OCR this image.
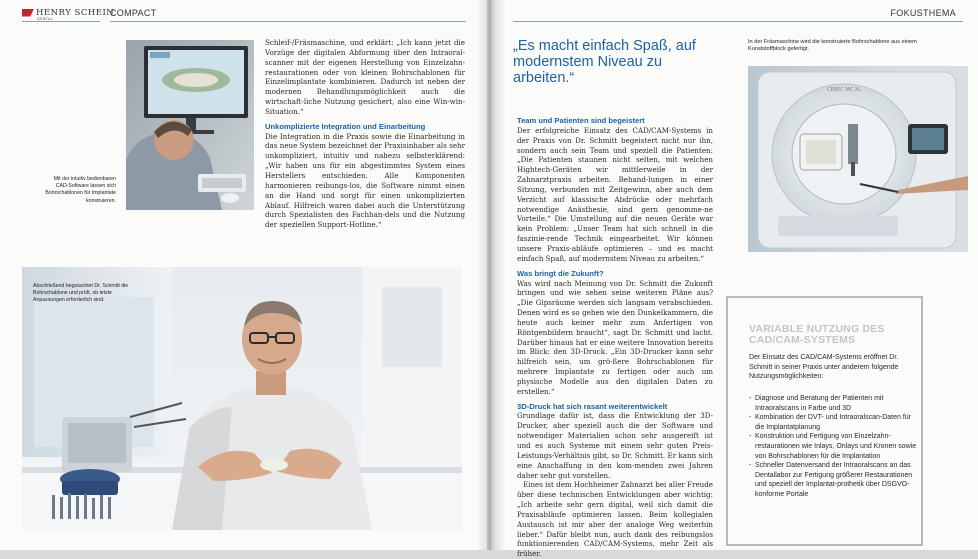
HENRY SCHEIN
DENTAL
COMPACT
Mit der intuitiv bedienbaren CAD-Software lassen sich Bohrschablonen für Implantate konstruieren.

Schleif-/Fräsmaschine, und erklärt: „Ich kann jetzt die Vorzüge der digitalen Abformung über den Intraoral-scanner mit der eigenen Herstellung von Einzelzahn-restaurationen oder von kleinen Bohrschablonen für Einzelimplantate kombinieren. Dadurch ist neben der modernen Behandlungsmöglichkeit auch die wirtschaft-liche Nutzung gesichert, also eine Win-win-Situation.“

Unkomplizierte Integration und Einarbeitung

Die Integration in die Praxis sowie die Einarbeitung in das neue System bezeichnet der Praxisinhaber als sehr unkompliziert, intuitiv und nahezu selbsterklärend: „Wir haben uns für ein abgestimmtes System eines Herstellers entschieden. Alle Komponenten harmonieren reibungs-los, die Software nimmt einen an die Hand und sorgt für einen unkomplizierten Ablauf. Hilfreich waren dabei auch die Unterstützung durch Spezialisten des Fachhan-dels und die Nutzung der speziellen Support-Hotline.“

Abschließend begutachtet Dr. Schmitt die Bohrschablone und prüft, ob letzte Anpassungen erforderlich sind.
FOKUSTHEMA
„Es macht einfach Spaß, auf modernstem Niveau zu arbeiten.“
In der Fräsmaschine wird die konstruierte Bohrschablone aus einem Kunststoffblock gefertigt.
CEREC MC XL

Team und Patienten sind begeistert

Der erfolgreiche Einsatz des CAD/CAM-Systems in der Praxis von Dr. Schmitt begeistert nicht nur ihn, sondern auch sein Team und speziell die Patienten: „Die Patienten staunen nicht selten, mit welchen Hightech-Geräten wir mittlerweile in der Zahnarztpraxis arbeiten. Behand-lungen in einer Sitzung, verbunden mit Zeitgewinn, aber auch dem Verzicht auf klassische Abdrücke oder mehrfach notwendige Anästhesie, sind gern genomme-ne Vorteile.“ Die Umstellung auf die neuen Geräte war kein Problem: „Unser Team hat sich schnell in die faszinie-rende Technik eingearbeitet. Wir können unsere Praxis-abläufe optimieren – und es macht einfach Spaß, auf modernstem Niveau zu arbeiten.“

Was bringt die Zukunft?

Was wird nach Meinung von Dr. Schmitt die Zukunft bringen und wie sehen seine weiteren Pläne aus? „Die Gipsräume werden sich langsam verabschieden. Denen wird es so gehen wie den Dunkelkammern, die heute auch keiner mehr zum Anfertigen von Röntgenbildern braucht“, sagt Dr. Schmitt und lacht. Darüber hinaus hat er eine weitere Innovation bereits im Blick: den 3D-Druck. „Ein 3D-Drucker kann sehr hilfreich sein, um grö-ßere Bohrschablonen für mehrere Implantate zu fertigen oder auch um physische Modelle aus den digitalen Daten zu erstellen.“

3D-Druck hat sich rasant weiterentwickelt

Grundlage dafür ist, dass die Entwicklung der 3D-Drucker, aber speziell auch die der Software und notwendiger Materialien schon sehr ausgereift ist und es auch Systeme mit einem sehr guten Preis-Leistungs-Verhältnis gibt, so Dr. Schmitt. Er kann sich eine Anschaffung in den kom-menden zwei Jahren daher sehr gut vorstellen.

Eines ist dem Hochheimer Zahnarzt bei aller Freude über diese technischen Entwicklungen aber wichtig: „Ich arbeite sehr gern digital, weil sich damit die Praxisabläufe optimieren lassen. Beim kollegialen Austausch ist mir aber der analoge Weg weiterhin lieber.“ Dafür bleibt nun, auch dank des reibungslos funktionierenden CAD/CAM-Systems, mehr Zeit als früher.

VARIABLE NUTZUNG DES CAD/CAM-SYSTEMS
Der Einsatz des CAD/CAM-Systems eröffnet Dr. Schmitt in seiner Praxis unter anderem folgende Nutzungsmöglichkeiten:
- Diagnose und Beratung der Patienten mit Intraoralscans in Farbe und 3D
- Kombination der DVT- und Intraoralscan-Daten für die Implantatplanung
- Konstruktion und Fertigung von Einzelzahn-restaurationen wie Inlays, Onlays und Kronen sowie von Bohrschablonen für die Implantation
- Schneller Datenversand der Intraoralscans an das Dentallabor zur Fertigung größerer Restaurationen und speziell der Implantat-prothetik über DSGVO-konforme Portale
